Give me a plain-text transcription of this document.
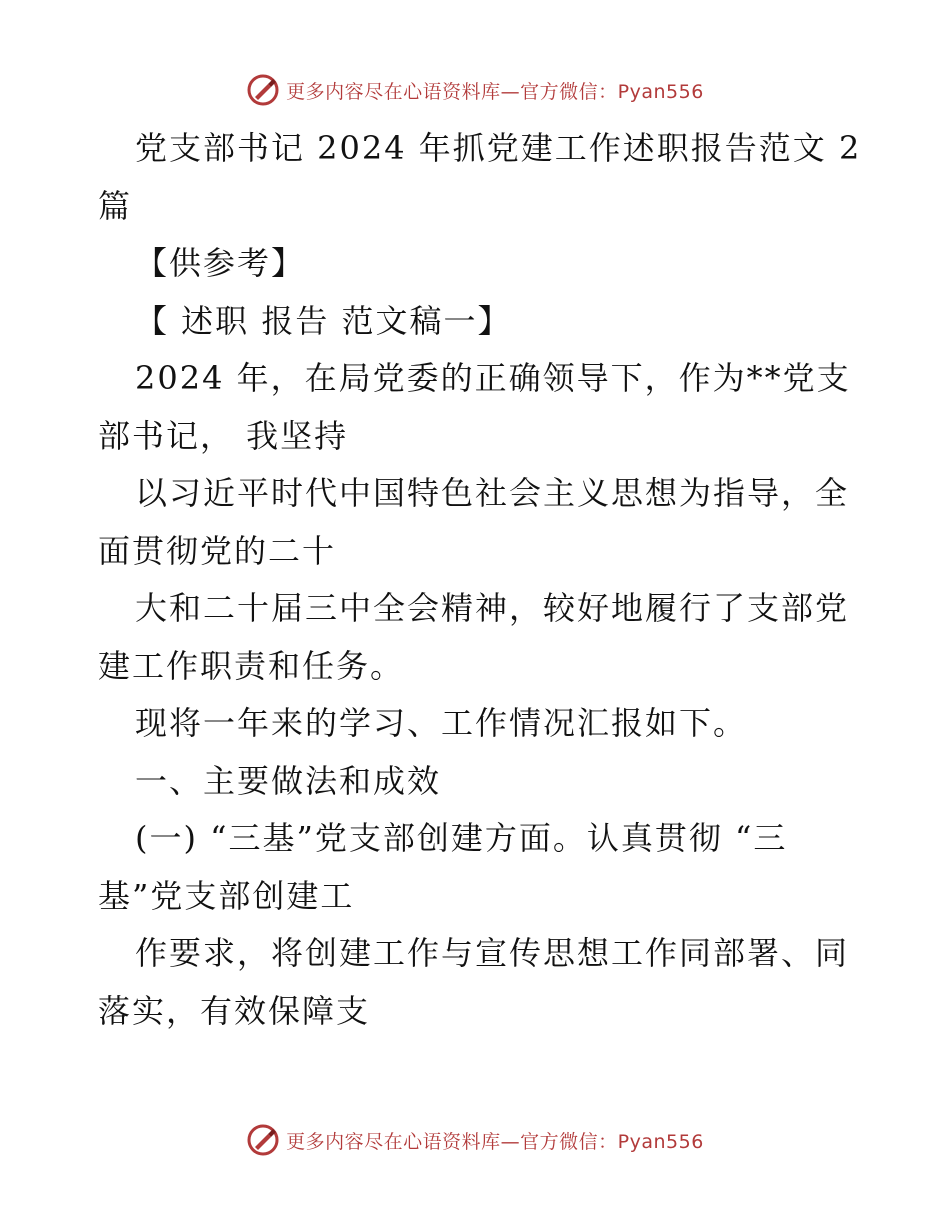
更多内容尽在心语资料库—官方微信：Pyan556
党支部书记 2024 年抓党建工作述职报告范文 2
篇
【供参考】
【 述职 报告 范文稿一】
2024 年，在局党委的正确领导下，作为**党支
部书记， 我坚持
以习近平时代中国特色社会主义思想为指导，全
面贯彻党的二十
大和二十届三中全会精神，较好地履行了支部党
建工作职责和任务。
现将一年来的学习、工作情况汇报如下。
一、主要做法和成效
(一) “三基”党支部创建方面。认真贯彻 “三
基”党支部创建工
作要求，将创建工作与宣传思想工作同部署、同
落实，有效保障支
更多内容尽在心语资料库—官方微信：Pyan556
